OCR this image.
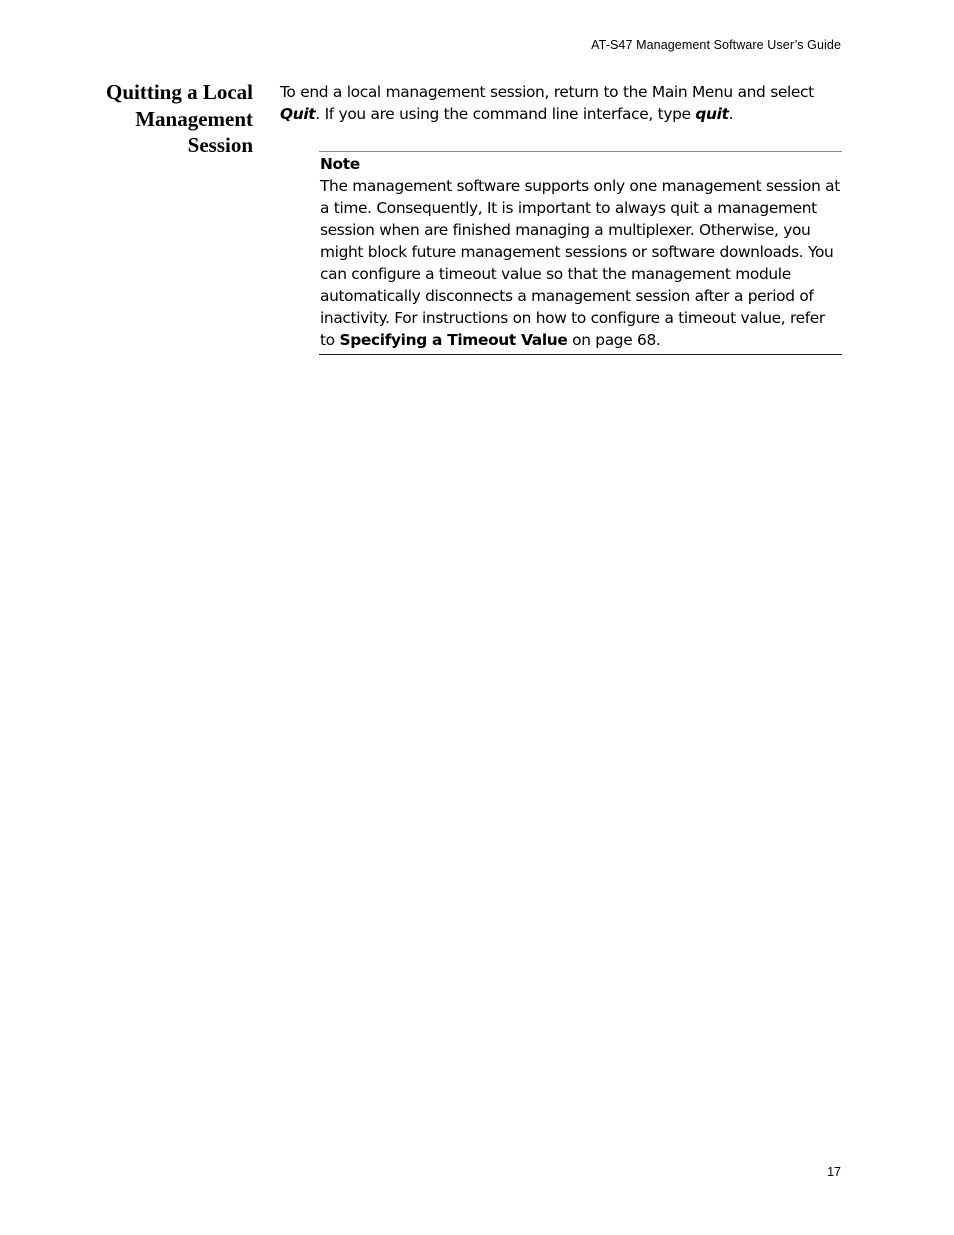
AT-S47 Management Software User’s Guide
Quitting a Local
Management
Session

To end a local management session, return to the Main Menu and select Quit. If you are using the command line interface, type quit.

Note
The management software supports only one management session at a time. Consequently, It is important to always quit a management session when are finished managing a multiplexer. Otherwise, you might block future management sessions or software downloads. You can configure a timeout value so that the management module automatically disconnects a management session after a period of inactivity. For instructions on how to configure a timeout value, refer to Specifying a Timeout Value on page 68.
17
